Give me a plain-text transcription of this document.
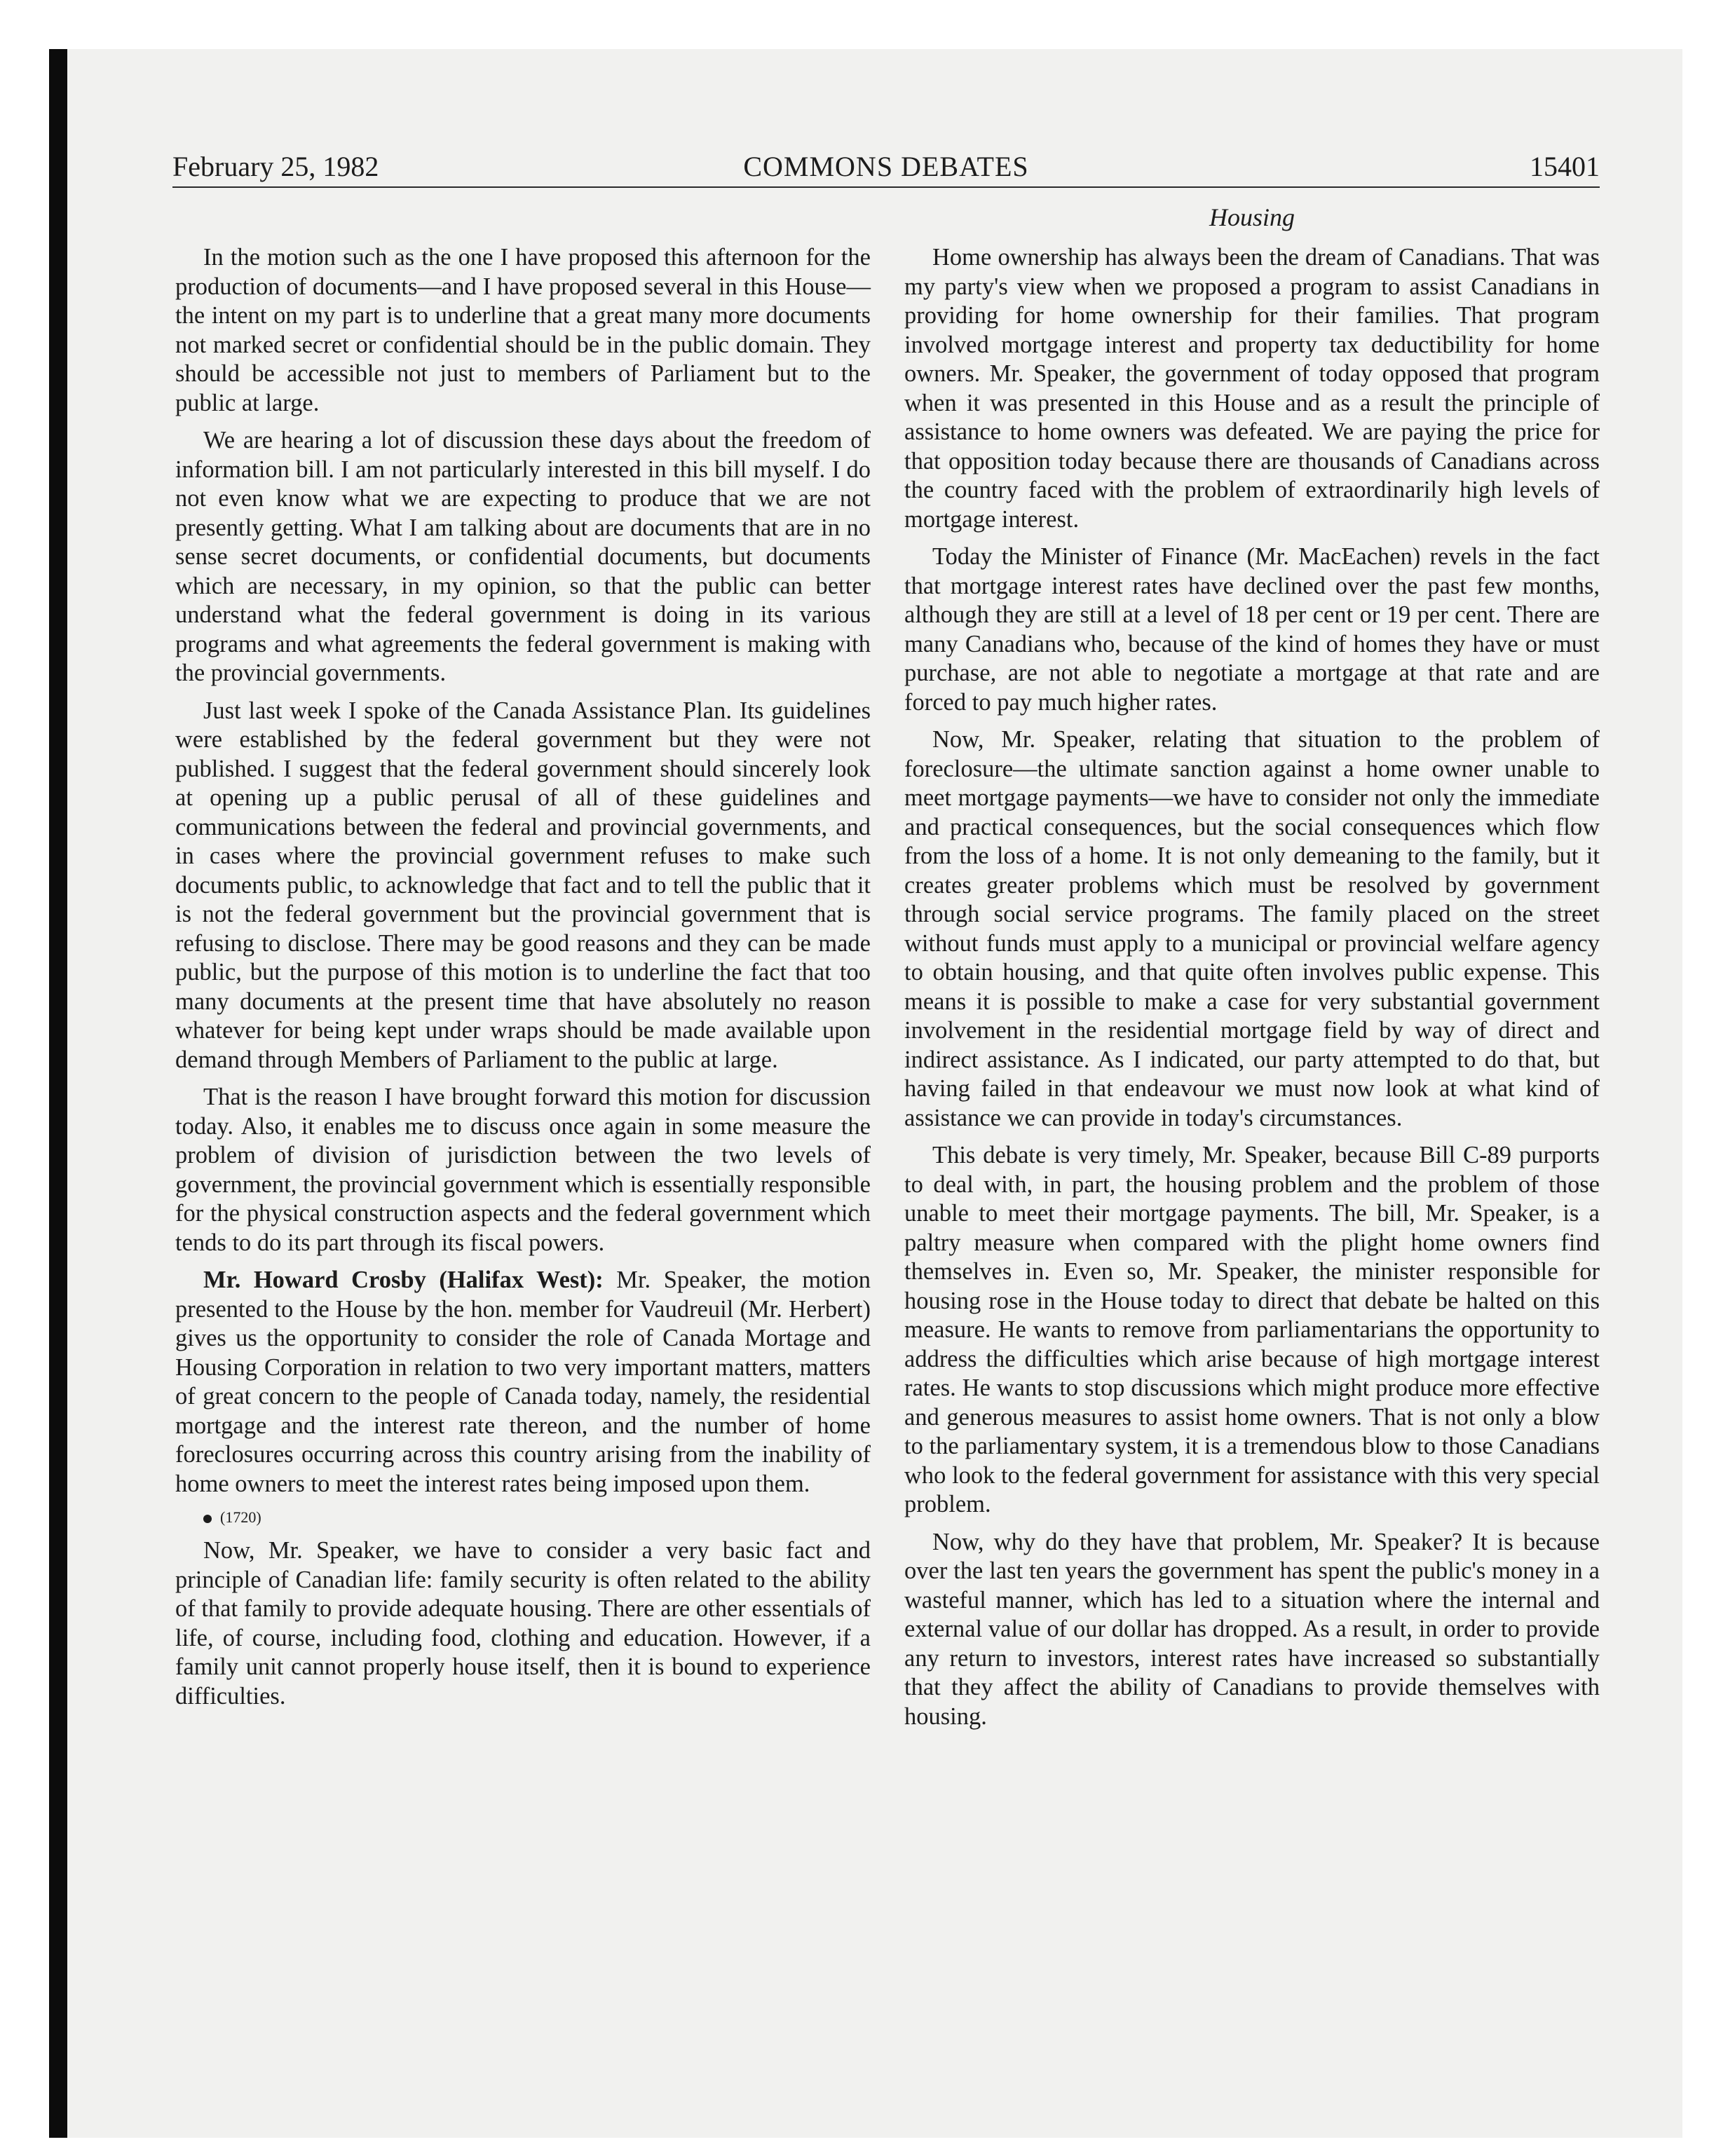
February 25, 1982	COMMONS DEBATES	15401
Housing

In the motion such as the one I have proposed this afternoon for the production of documents—and I have proposed several in this House—the intent on my part is to underline that a great many more documents not marked secret or confidential should be in the public domain. They should be accessible not just to members of Parliament but to the public at large.

We are hearing a lot of discussion these days about the freedom of information bill. I am not particularly interested in this bill myself. I do not even know what we are expecting to produce that we are not presently getting. What I am talking about are documents that are in no sense secret documents, or confidential documents, but documents which are necessary, in my opinion, so that the public can better understand what the federal government is doing in its various programs and what agreements the federal government is making with the provincial governments.

Just last week I spoke of the Canada Assistance Plan. Its guidelines were established by the federal government but they were not published. I suggest that the federal government should sincerely look at opening up a public perusal of all of these guidelines and communications between the federal and provincial governments, and in cases where the provincial government refuses to make such documents public, to acknowledge that fact and to tell the public that it is not the federal government but the provincial government that is refusing to disclose. There may be good reasons and they can be made public, but the purpose of this motion is to underline the fact that too many documents at the present time that have absolutely no reason whatever for being kept under wraps should be made available upon demand through Members of Parliament to the public at large.

That is the reason I have brought forward this motion for discussion today. Also, it enables me to discuss once again in some measure the problem of division of jurisdiction between the two levels of government, the provincial government which is essentially responsible for the physical construction aspects and the federal government which tends to do its part through its fiscal powers.

Mr. Howard Crosby (Halifax West): Mr. Speaker, the motion presented to the House by the hon. member for Vaudreuil (Mr. Herbert) gives us the opportunity to consider the role of Canada Mortage and Housing Corporation in relation to two very important matters, matters of great concern to the people of Canada today, namely, the residential mortgage and the interest rate thereon, and the number of home foreclosures occurring across this country arising from the inability of home owners to meet the interest rates being imposed upon them.

(1720)

Now, Mr. Speaker, we have to consider a very basic fact and principle of Canadian life: family security is often related to the ability of that family to provide adequate housing. There are other essentials of life, of course, including food, clothing and education. However, if a family unit cannot properly house itself, then it is bound to experience difficulties.

Home ownership has always been the dream of Canadians. That was my party's view when we proposed a program to assist Canadians in providing for home ownership for their families. That program involved mortgage interest and property tax deductibility for home owners. Mr. Speaker, the government of today opposed that program when it was presented in this House and as a result the principle of assistance to home owners was defeated. We are paying the price for that opposition today because there are thousands of Canadians across the country faced with the problem of extraordinarily high levels of mortgage interest.

Today the Minister of Finance (Mr. MacEachen) revels in the fact that mortgage interest rates have declined over the past few months, although they are still at a level of 18 per cent or 19 per cent. There are many Canadians who, because of the kind of homes they have or must purchase, are not able to negotiate a mortgage at that rate and are forced to pay much higher rates.

Now, Mr. Speaker, relating that situation to the problem of foreclosure—the ultimate sanction against a home owner unable to meet mortgage payments—we have to consider not only the immediate and practical consequences, but the social consequences which flow from the loss of a home. It is not only demeaning to the family, but it creates greater problems which must be resolved by government through social service programs. The family placed on the street without funds must apply to a municipal or provincial welfare agency to obtain housing, and that quite often involves public expense. This means it is possible to make a case for very substantial government involvement in the residential mortgage field by way of direct and indirect assistance. As I indicated, our party attempted to do that, but having failed in that endeavour we must now look at what kind of assistance we can provide in today's circumstances.

This debate is very timely, Mr. Speaker, because Bill C-89 purports to deal with, in part, the housing problem and the problem of those unable to meet their mortgage payments. The bill, Mr. Speaker, is a paltry measure when compared with the plight home owners find themselves in. Even so, Mr. Speaker, the minister responsible for housing rose in the House today to direct that debate be halted on this measure. He wants to remove from parliamentarians the opportunity to address the difficulties which arise because of high mortgage interest rates. He wants to stop discussions which might produce more effective and generous measures to assist home owners. That is not only a blow to the parliamentary system, it is a tremendous blow to those Canadians who look to the federal government for assistance with this very special problem.

Now, why do they have that problem, Mr. Speaker? It is because over the last ten years the government has spent the public's money in a wasteful manner, which has led to a situation where the internal and external value of our dollar has dropped. As a result, in order to provide any return to investors, interest rates have increased so substantially that they affect the ability of Canadians to provide themselves with housing.
